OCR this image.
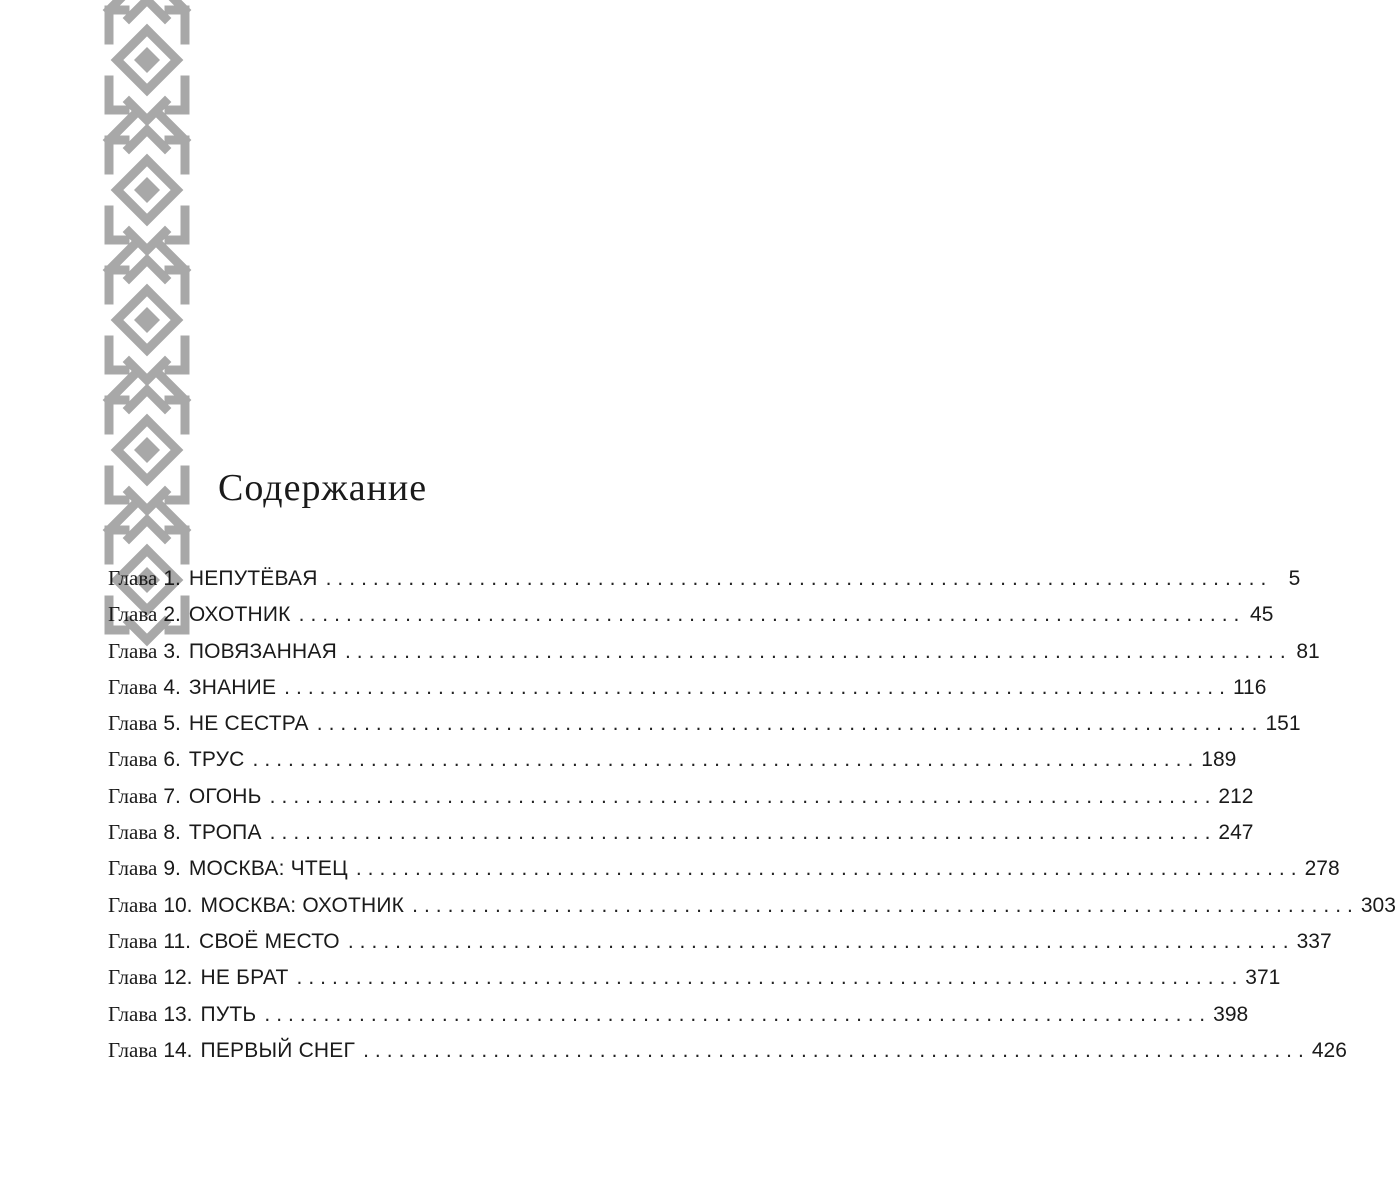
Содержание
Глава 1. НЕПУТЁВАЯ ................................................................................ 5
Глава 2. ОХОТНИК ................................................................................ 45
Глава 3. ПОВЯЗАННАЯ ................................................................................ 81
Глава 4. ЗНАНИЕ ................................................................................ 116
Глава 5. НЕ СЕСТРА ................................................................................ 151
Глава 6. ТРУС ................................................................................ 189
Глава 7. ОГОНЬ ................................................................................ 212
Глава 8. ТРОПА ................................................................................ 247
Глава 9. МОСКВА: ЧТЕЦ ................................................................................ 278
Глава 10. МОСКВА: ОХОТНИК ................................................................................ 303
Глава 11. СВОЁ МЕСТО ................................................................................ 337
Глава 12. НЕ БРАТ ................................................................................ 371
Глава 13. ПУТЬ ................................................................................ 398
Глава 14. ПЕРВЫЙ СНЕГ ................................................................................ 426
